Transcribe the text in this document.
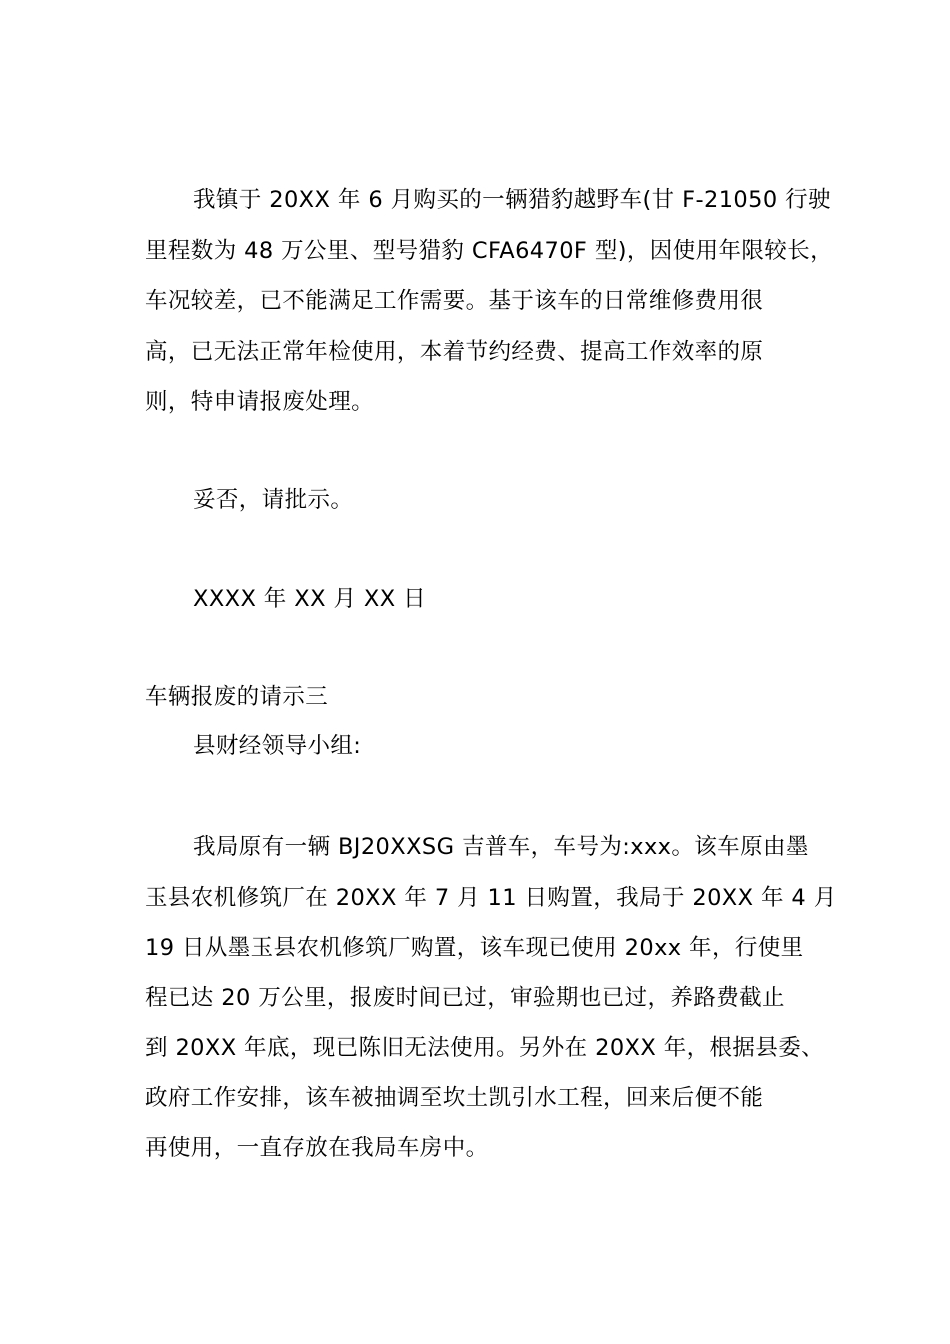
我镇于 20XX 年 6 月购买的一辆猎豹越野车(甘 F-21050 行驶
里程数为 48 万公里、型号猎豹 CFA6470F 型)，因使用年限较长，
车况较差，已不能满足工作需要。基于该车的日常维修费用很
高，已无法正常年检使用，本着节约经费、提高工作效率的原
则，特申请报废处理。
妥否，请批示。
XXXX 年 XX 月 XX 日
车辆报废的请示三
县财经领导小组:
我局原有一辆 BJ20XXSG 吉普车，车号为:xxx。该车原由墨
玉县农机修筑厂在 20XX 年 7 月 11 日购置，我局于 20XX 年 4 月
19 日从墨玉县农机修筑厂购置，该车现已使用 20xx 年，行使里
程已达 20 万公里，报废时间已过，审验期也已过，养路费截止
到 20XX 年底，现已陈旧无法使用。另外在 20XX 年，根据县委、
政府工作安排，该车被抽调至坎土凯引水工程，回来后便不能
再使用，一直存放在我局车房中。
